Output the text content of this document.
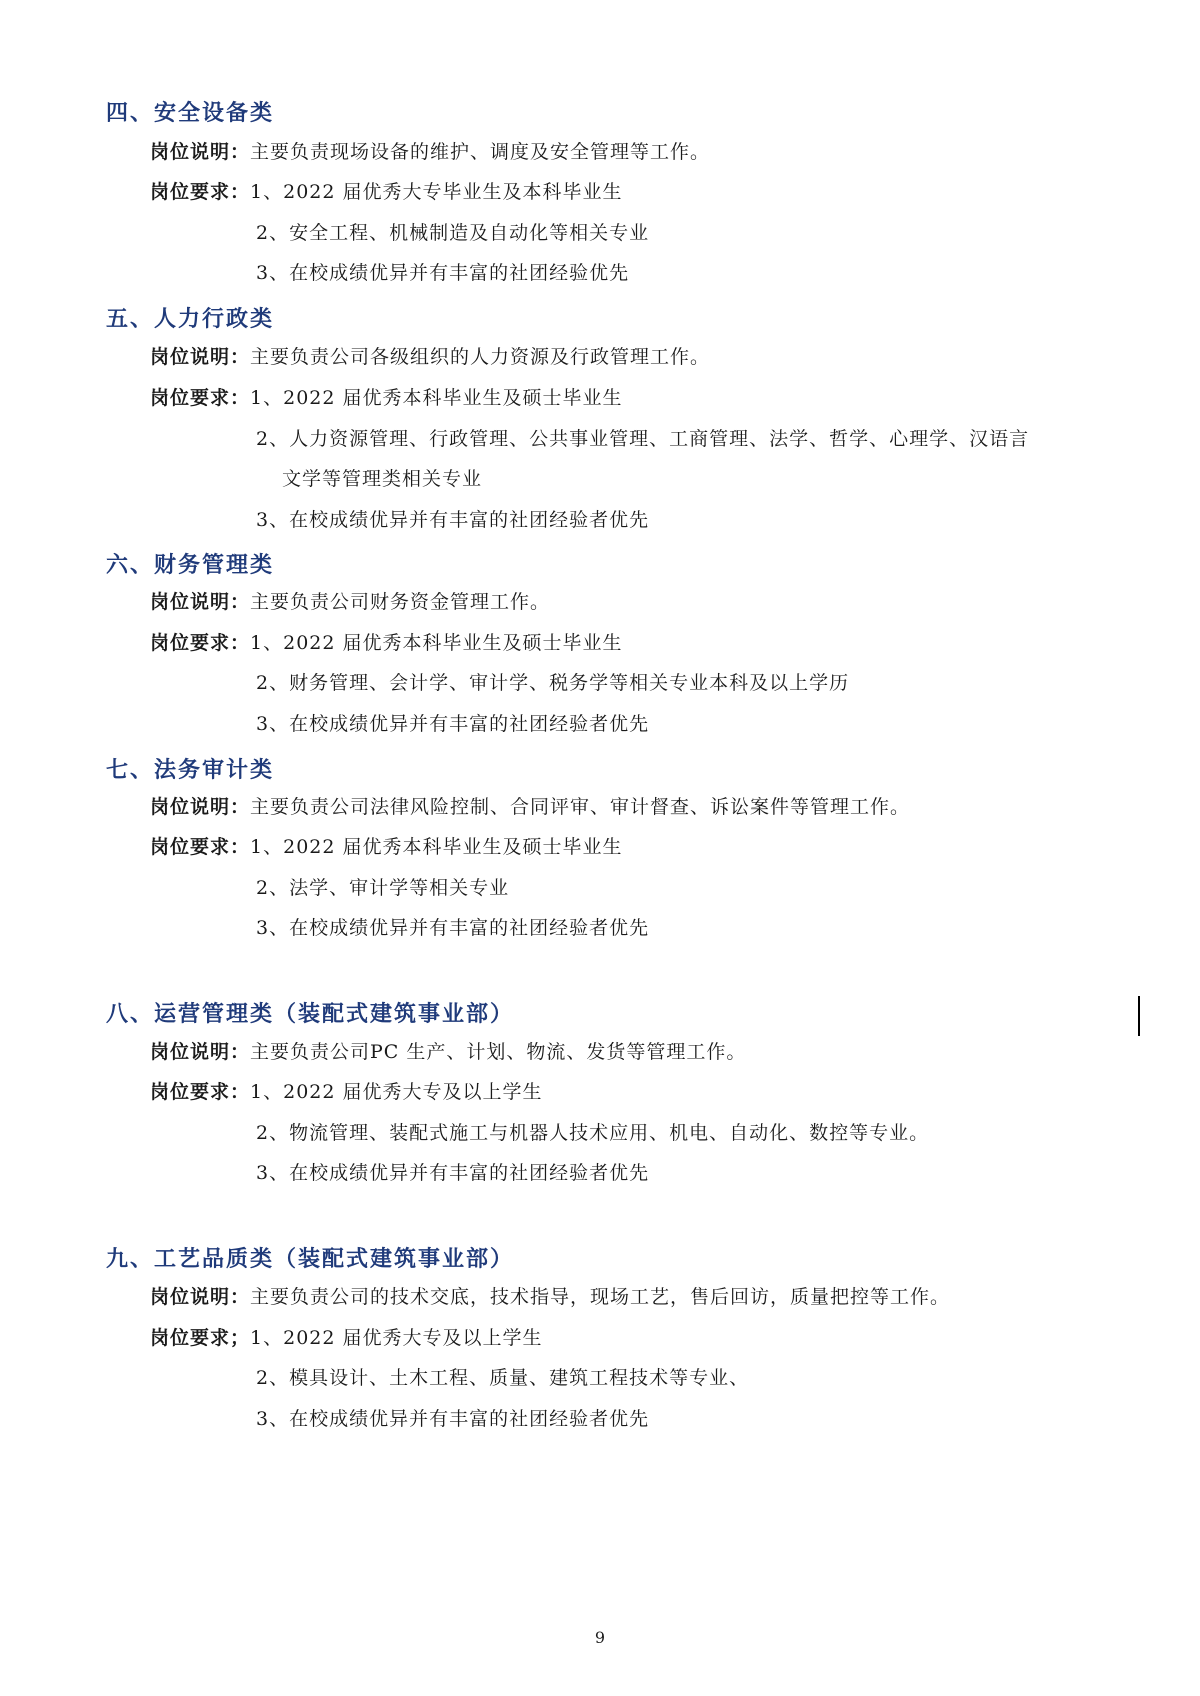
四、安全设备类
岗位说明：主要负责现场设备的维护、调度及安全管理等工作。
岗位要求：1、2022 届优秀大专毕业生及本科毕业生
2、安全工程、机械制造及自动化等相关专业
3、在校成绩优异并有丰富的社团经验优先
五、人力行政类
岗位说明：主要负责公司各级组织的人力资源及行政管理工作。
岗位要求：1、2022 届优秀本科毕业生及硕士毕业生
2、人力资源管理、行政管理、公共事业管理、工商管理、法学、哲学、心理学、汉语言
文学等管理类相关专业
3、在校成绩优异并有丰富的社团经验者优先
六、财务管理类
岗位说明：主要负责公司财务资金管理工作。
岗位要求：1、2022 届优秀本科毕业生及硕士毕业生
2、财务管理、会计学、审计学、税务学等相关专业本科及以上学历
3、在校成绩优异并有丰富的社团经验者优先
七、法务审计类
岗位说明：主要负责公司法律风险控制、合同评审、审计督查、诉讼案件等管理工作。
岗位要求：1、2022 届优秀本科毕业生及硕士毕业生
2、法学、审计学等相关专业
3、在校成绩优异并有丰富的社团经验者优先
八、运营管理类（装配式建筑事业部）
岗位说明：主要负责公司PC 生产、计划、物流、发货等管理工作。
岗位要求：1、2022 届优秀大专及以上学生
2、物流管理、装配式施工与机器人技术应用、机电、自动化、数控等专业。
3、在校成绩优异并有丰富的社团经验者优先
九、工艺品质类（装配式建筑事业部）
岗位说明：主要负责公司的技术交底，技术指导，现场工艺，售后回访，质量把控等工作。
岗位要求；1、2022 届优秀大专及以上学生
2、模具设计、土木工程、质量、建筑工程技术等专业、
3、在校成绩优异并有丰富的社团经验者优先
9
